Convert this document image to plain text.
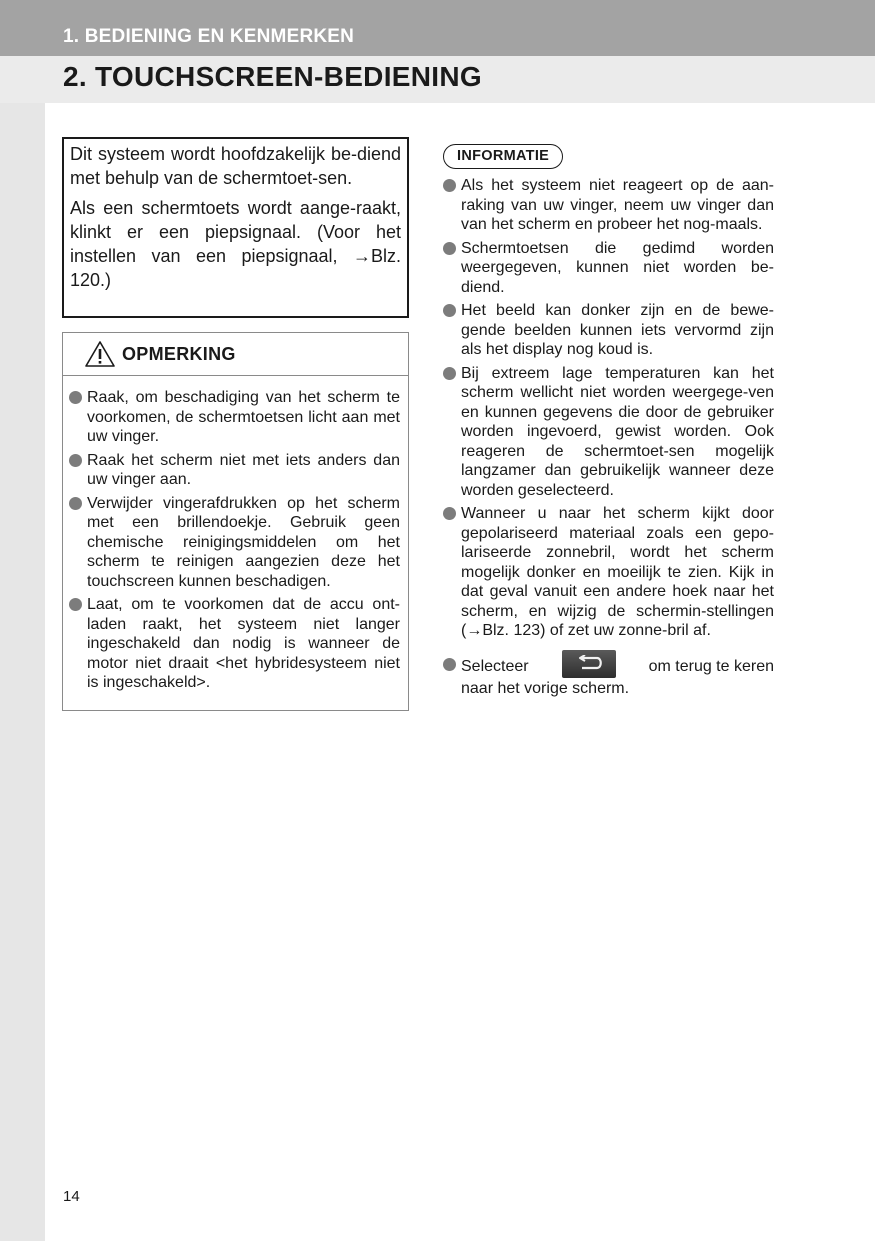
1. BEDIENING EN KENMERKEN
2. TOUCHSCREEN-BEDIENING

Dit systeem wordt hoofdzakelijk be-diend met behulp van de schermtoet-sen.

Als een schermtoets wordt aange-raakt, klinkt er een piepsignaal. (Voor het instellen van een piepsignaal, →Blz. 120.)

OPMERKING
Raak, om beschadiging van het scherm te voorkomen, de schermtoetsen licht aan met uw vinger.
Raak het scherm niet met iets anders dan uw vinger aan.
Verwijder vingerafdrukken op het scherm met een brillendoekje. Gebruik geen chemische reinigingsmiddelen om het scherm te reinigen aangezien deze het touchscreen kunnen beschadigen.
Laat, om te voorkomen dat de accu ont-laden raakt, het systeem niet langer ingeschakeld dan nodig is wanneer de motor niet draait <het hybridesysteem niet is ingeschakeld>.
INFORMATIE
Als het systeem niet reageert op de aan-raking van uw vinger, neem uw vinger dan van het scherm en probeer het nog-maals.
Schermtoetsen die gedimd worden weergegeven, kunnen niet worden be-diend.
Het beeld kan donker zijn en de bewe-gende beelden kunnen iets vervormd zijn als het display nog koud is.
Bij extreem lage temperaturen kan het scherm wellicht niet worden weergege-ven en kunnen gegevens die door de gebruiker worden ingevoerd, gewist worden. Ook reageren de schermtoet-sen mogelijk langzamer dan gebruikelijk wanneer deze worden geselecteerd.
Wanneer u naar het scherm kijkt door gepolariseerd materiaal zoals een gepo-lariseerde zonnebril, wordt het scherm mogelijk donker en moeilijk te zien. Kijk in dat geval vanuit een andere hoek naar het scherm, en wijzig de schermin-stellingen (→Blz. 123) of zet uw zonne-bril af.
Selecteer	om terug te keren
naar het vorige scherm.
14
